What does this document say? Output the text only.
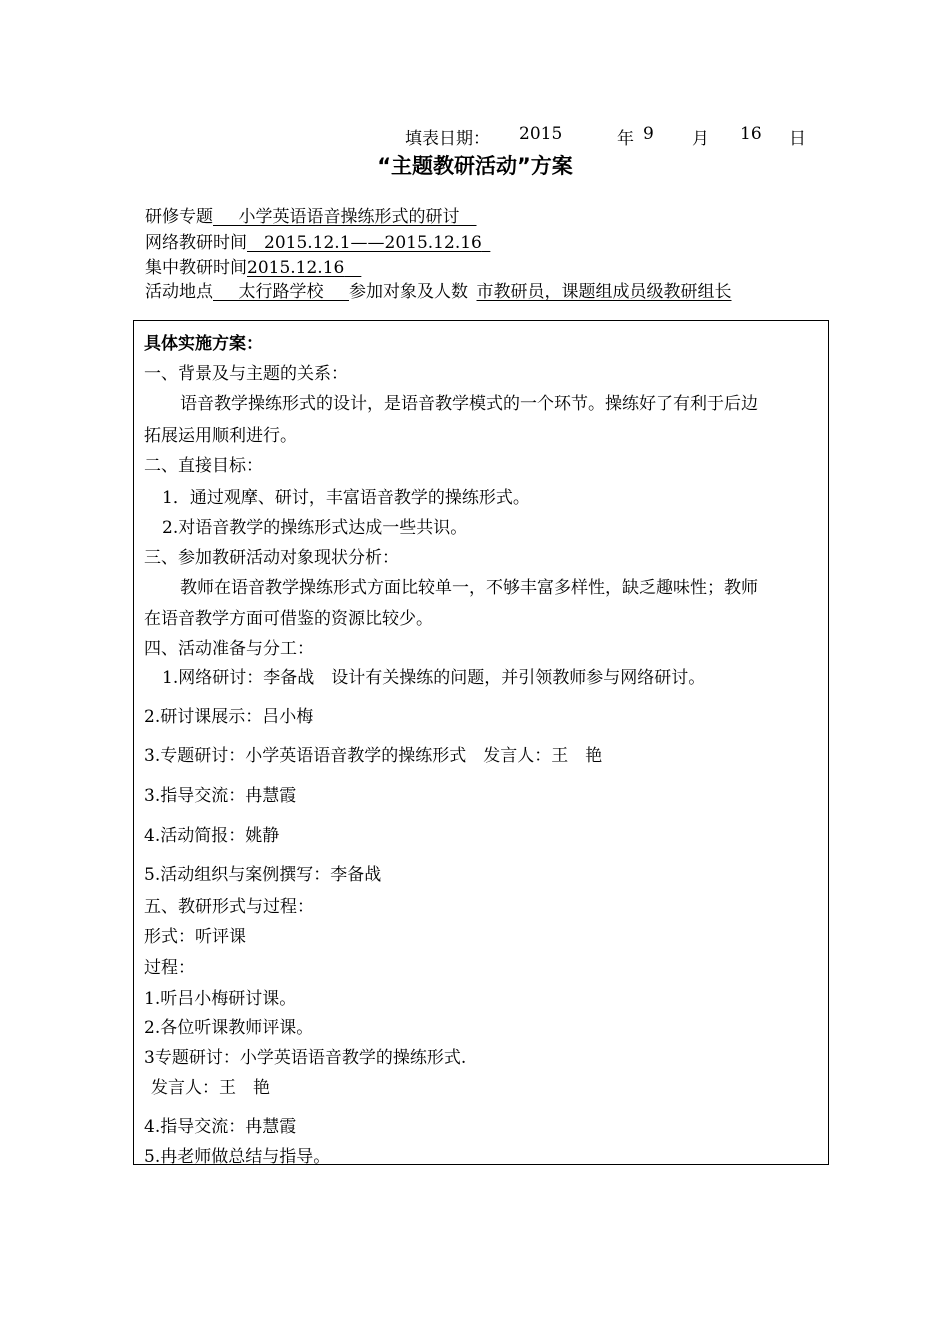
填表日期： 2015	年 9 月 16 日
“主题教研活动”方案
研修专题　  小学英语语音操练形式的研讨  
网络教研时间   2015.12.1——2015.12.16 
集中教研时间2015.12.16  
活动地点　  太行路学校　  参加对象及人数  市教研员，课题组成员级教研组长
具体实施方案：
一、背景及与主题的关系：
语音教学操练形式的设计，是语音教学模式的一个环节。操练好了有利于后边
拓展运用顺利进行。
二、直接目标：
1．通过观摩、研讨，丰富语音教学的操练形式。
2.对语音教学的操练形式达成一些共识。
三、参加教研活动对象现状分析：
教师在语音教学操练形式方面比较单一，不够丰富多样性，缺乏趣味性；教师
在语音教学方面可借鉴的资源比较少。
四、活动准备与分工：
1.网络研讨：李备战　设计有关操练的问题，并引领教师参与网络研讨。
2.研讨课展示：吕小梅
3.专题研讨：小学英语语音教学的操练形式　发言人：王　艳
3.指导交流：冉慧霞
4.活动简报：姚静
5.活动组织与案例撰写：李备战
五、教研形式与过程：
形式：听评课
过程：
1.听吕小梅研讨课。
2.各位听课教师评课。
3专题研讨：小学英语语音教学的操练形式.
发言人：王　艳
4.指导交流：冉慧霞
5.冉老师做总结与指导。
